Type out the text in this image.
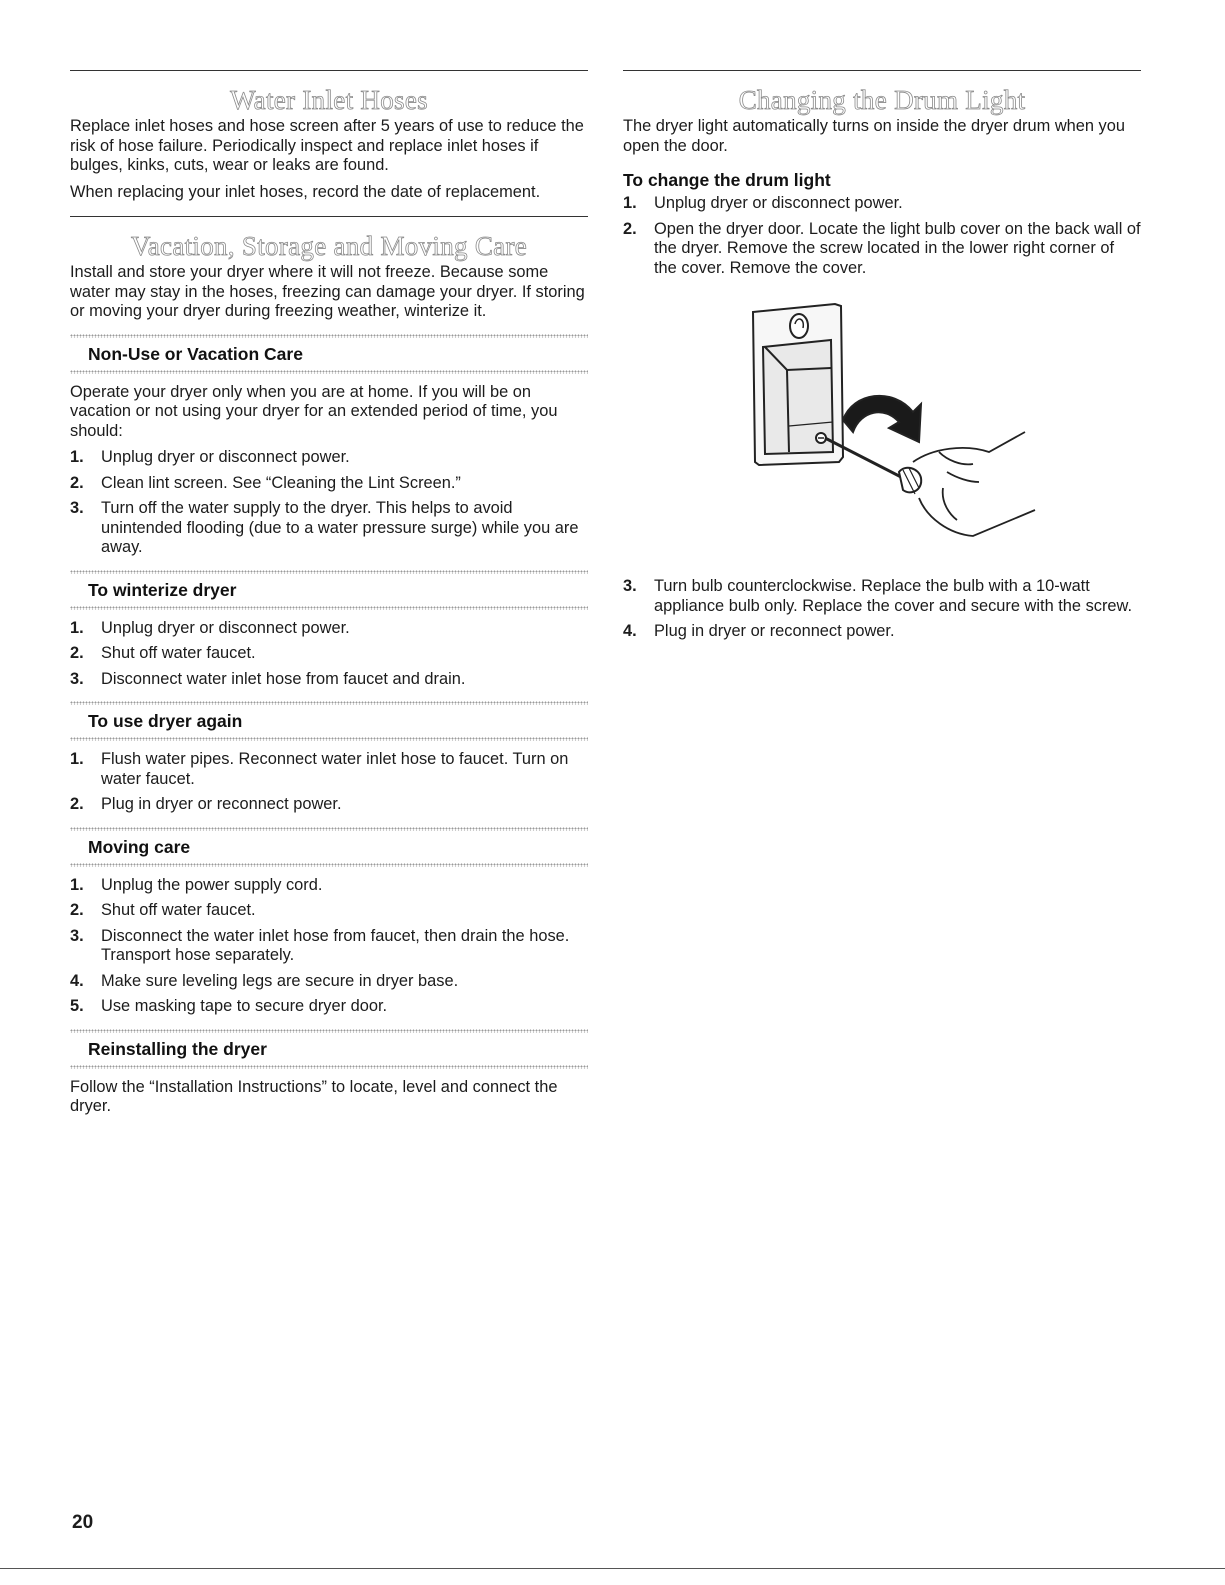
Water Inlet Hoses

Replace inlet hoses and hose screen after 5 years of use to reduce the risk of hose failure. Periodically inspect and replace inlet hoses if bulges, kinks, cuts, wear or leaks are found.

When replacing your inlet hoses, record the date of replacement.

Vacation, Storage and Moving Care

Install and store your dryer where it will not freeze. Because some water may stay in the hoses, freezing can damage your dryer. If storing or moving your dryer during freezing weather, winterize it.

Non-Use or Vacation Care

Operate your dryer only when you are at home. If you will be on vacation or not using your dryer for an extended period of time, you should:

1. Unplug dryer or disconnect power.
2. Clean lint screen. See “Cleaning the Lint Screen.”
3. Turn off the water supply to the dryer. This helps to avoid unintended flooding (due to a water pressure surge) while you are away.
To winterize dryer
1. Unplug dryer or disconnect power.
2. Shut off water faucet.
3. Disconnect water inlet hose from faucet and drain.
To use dryer again
1. Flush water pipes. Reconnect water inlet hose to faucet. Turn on water faucet.
2. Plug in dryer or reconnect power.
Moving care
1. Unplug the power supply cord.
2. Shut off water faucet.
3. Disconnect the water inlet hose from faucet, then drain the hose. Transport hose separately.
4. Make sure leveling legs are secure in dryer base.
5. Use masking tape to secure dryer door.
Reinstalling the dryer

Follow the “Installation Instructions” to locate, level and connect the dryer.

Changing the Drum Light

The dryer light automatically turns on inside the dryer drum when you open the door.

To change the drum light
1. Unplug dryer or disconnect power.
2. Open the dryer door. Locate the light bulb cover on the back wall of the dryer. Remove the screw located in the lower right corner of the cover. Remove the cover.
3. Turn bulb counterclockwise. Replace the bulb with a 10-watt appliance bulb only. Replace the cover and secure with the screw.
4. Plug in dryer or reconnect power.
20
